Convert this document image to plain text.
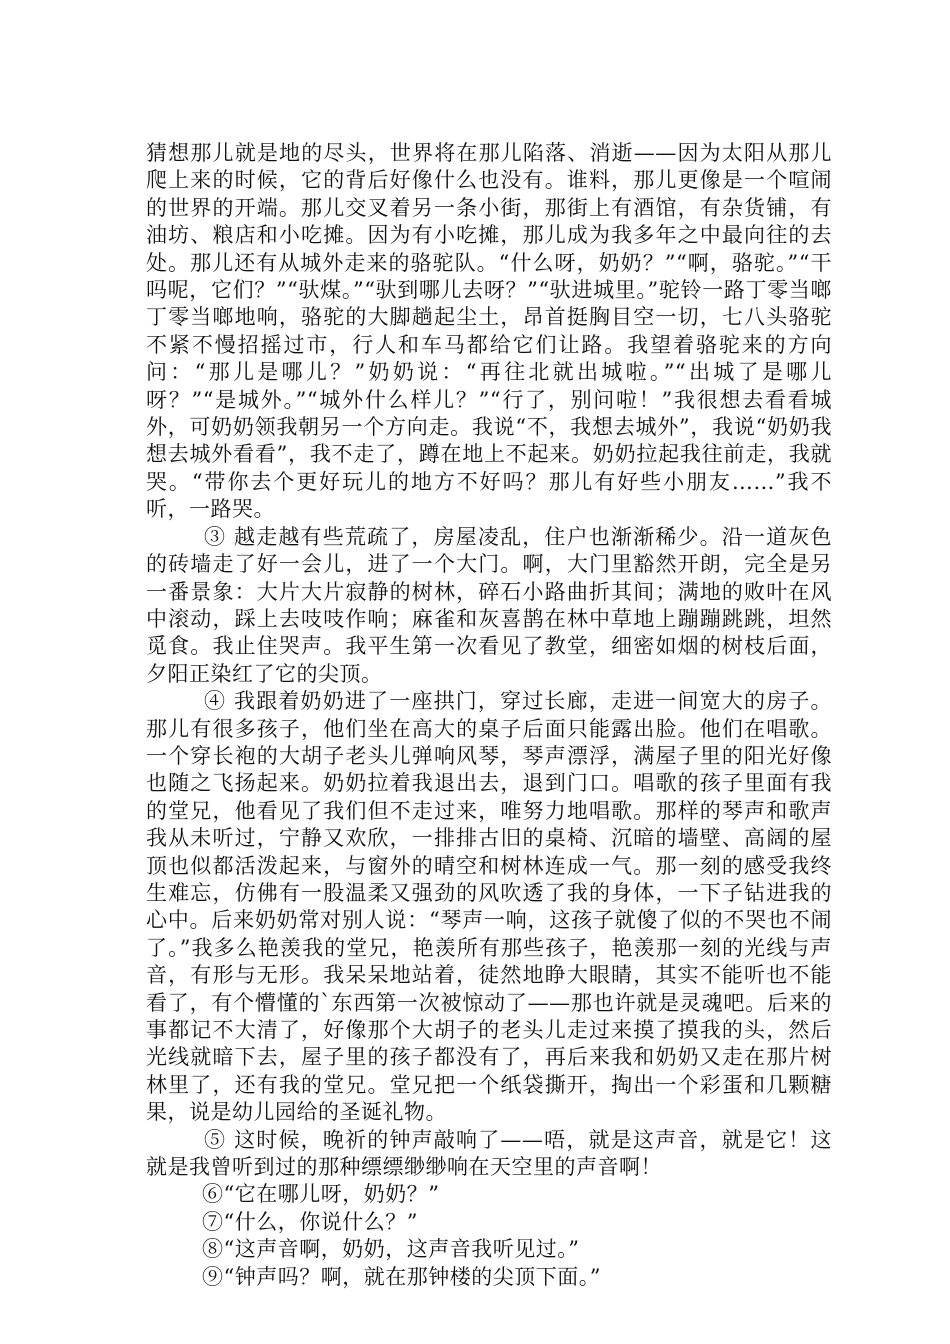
猜想那儿就是地的尽头，世界将在那儿陷落、消逝——因为太阳从那儿爬上来的时候，它的背后好像什么也没有。谁料，那儿更像是一个喧闹的世界的开端。那儿交叉着另一条小街，那街上有酒馆，有杂货铺，有油坊、粮店和小吃摊。因为有小吃摊，那儿成为我多年之中最向往的去处。那儿还有从城外走来的骆驼队。“什么呀，奶奶？”“啊，骆驼。”“干吗呢，它们？”“驮煤。”“驮到哪儿去呀？”“驮进城里。”驼铃一路丁零当啷丁零当啷地响，骆驼的大脚趟起尘土，昂首挺胸目空一切，七八头骆驼不紧不慢招摇过市，行人和车马都给它们让路。我望着骆驼来的方向问：“那儿是哪儿？”奶奶说：“再往北就出城啦。”“出城了是哪儿呀？”“是城外。”“城外什么样儿？”“行了，别问啦！”我很想去看看城外，可奶奶领我朝另一个方向走。我说“不，我想去城外”，我说“奶奶我想去城外看看”，我不走了，蹲在地上不起来。奶奶拉起我往前走，我就哭。“带你去个更好玩儿的地方不好吗？那儿有好些小朋友……”我不听，一路哭。

③ 越走越有些荒疏了，房屋凌乱，住户也渐渐稀少。沿一道灰色的砖墙走了好一会儿，进了一个大门。啊，大门里豁然开朗，完全是另一番景象：大片大片寂静的树林，碎石小路曲折其间；满地的败叶在风中滚动，踩上去吱吱作响；麻雀和灰喜鹊在林中草地上蹦蹦跳跳，坦然觅食。我止住哭声。我平生第一次看见了教堂，细密如烟的树枝后面，夕阳正染红了它的尖顶。

④ 我跟着奶奶进了一座拱门，穿过长廊，走进一间宽大的房子。那儿有很多孩子，他们坐在高大的桌子后面只能露出脸。他们在唱歌。一个穿长袍的大胡子老头儿弹响风琴，琴声漂浮，满屋子里的阳光好像也随之飞扬起来。奶奶拉着我退出去，退到门口。唱歌的孩子里面有我的堂兄，他看见了我们但不走过来，唯努力地唱歌。那样的琴声和歌声我从未听过，宁静又欢欣，一排排古旧的桌椅、沉暗的墙壁、高阔的屋顶也似都活泼起来，与窗外的晴空和树林连成一气。那一刻的感受我终生难忘，仿佛有一股温柔又强劲的风吹透了我的身体，一下子钻进我的心中。后来奶奶常对别人说：“琴声一响，这孩子就傻了似的不哭也不闹了。”我多么艳羡我的堂兄，艳羡所有那些孩子，艳羡那一刻的光线与声音，有形与无形。我呆呆地站着，徒然地睁大眼睛，其实不能听也不能看了，有个懵懂的`东西第一次被惊动了——那也许就是灵魂吧。后来的事都记不大清了，好像那个大胡子的老头儿走过来摸了摸我的头，然后光线就暗下去，屋子里的孩子都没有了，再后来我和奶奶又走在那片树林里了，还有我的堂兄。堂兄把一个纸袋撕开，掏出一个彩蛋和几颗糖果，说是幼儿园给的圣诞礼物。

⑤ 这时候，晚祈的钟声敲响了——唔，就是这声音，就是它！这就是我曾听到过的那种缥缥缈缈响在天空里的声音啊！

⑥“它在哪儿呀，奶奶？”

⑦“什么，你说什么？”

⑧“这声音啊，奶奶，这声音我听见过。”

⑨“钟声吗？啊，就在那钟楼的尖顶下面。”
